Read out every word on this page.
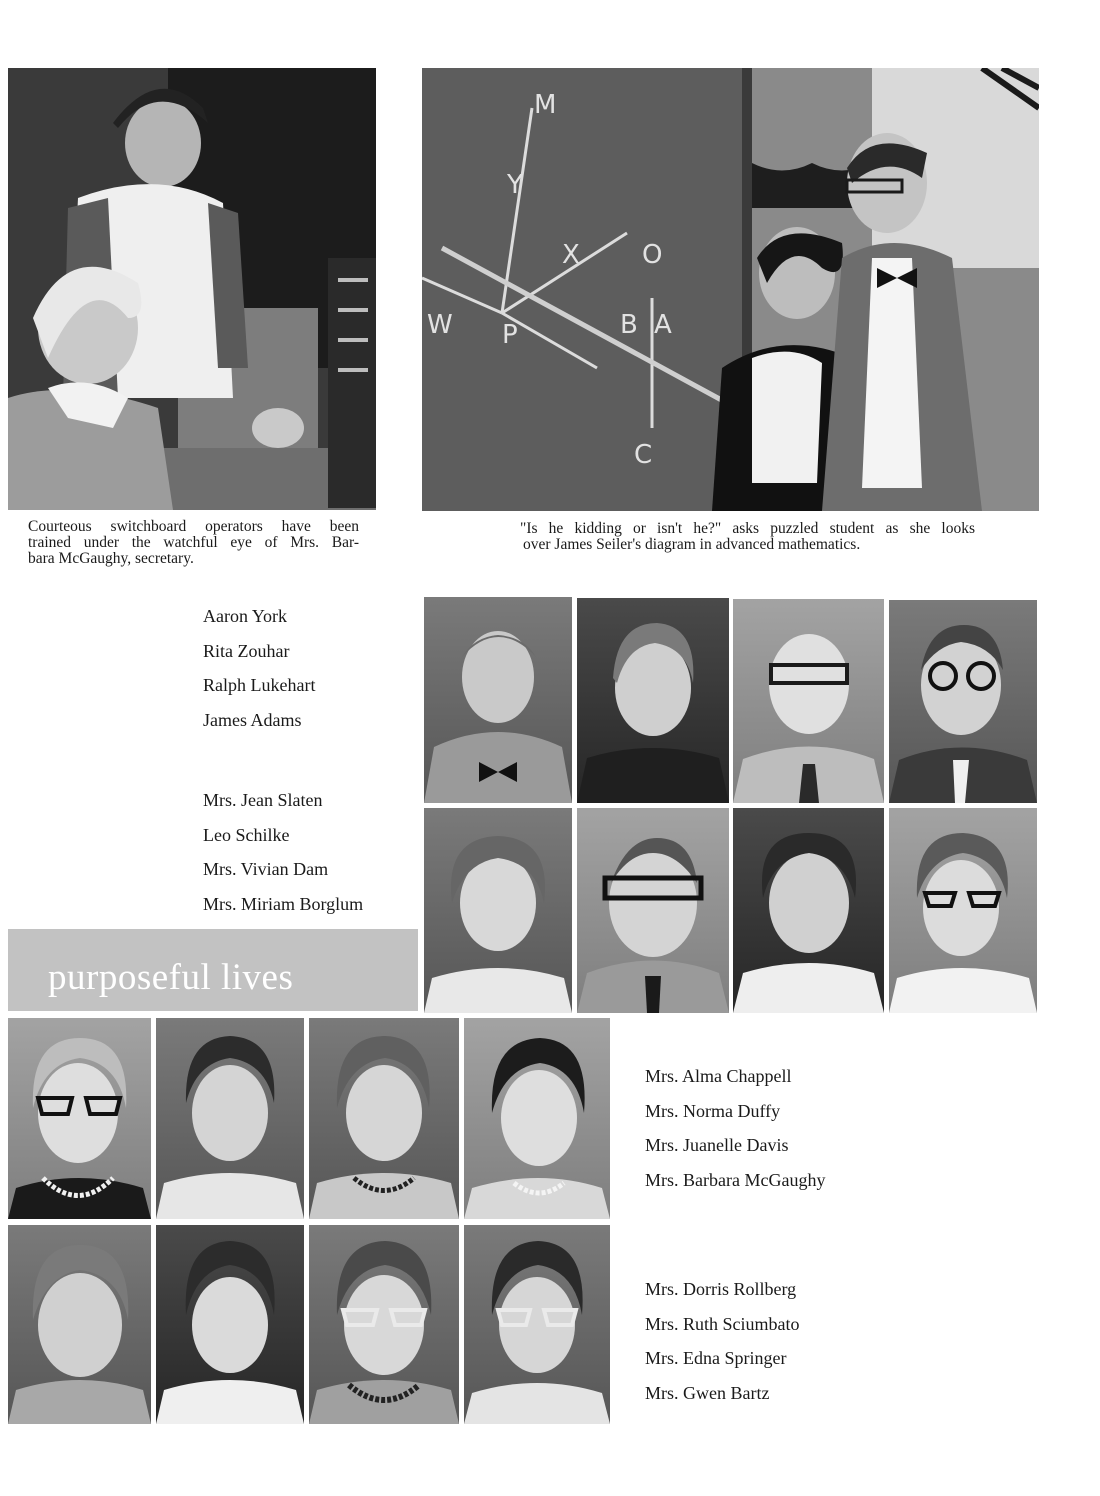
Courteous switchboard operators have been
trained under the watchful eye of Mrs. Bar-
bara McGaughy, secretary.
M
Y
X O
W P	B A
C
"Is he kidding or isn't he?" asks puzzled student as she looks
over James Seiler's diagram in advanced mathematics.
Aaron York
Rita Zouhar
Ralph Lukehart
James Adams
Mrs. Jean Slaten
Leo Schilke
Mrs. Vivian Dam
Mrs. Miriam Borglum
purposeful lives
Mrs. Alma Chappell
Mrs. Norma Duffy
Mrs. Juanelle Davis
Mrs. Barbara McGaughy
Mrs. Dorris Rollberg
Mrs. Ruth Sciumbato
Mrs. Edna Springer
Mrs. Gwen Bartz
